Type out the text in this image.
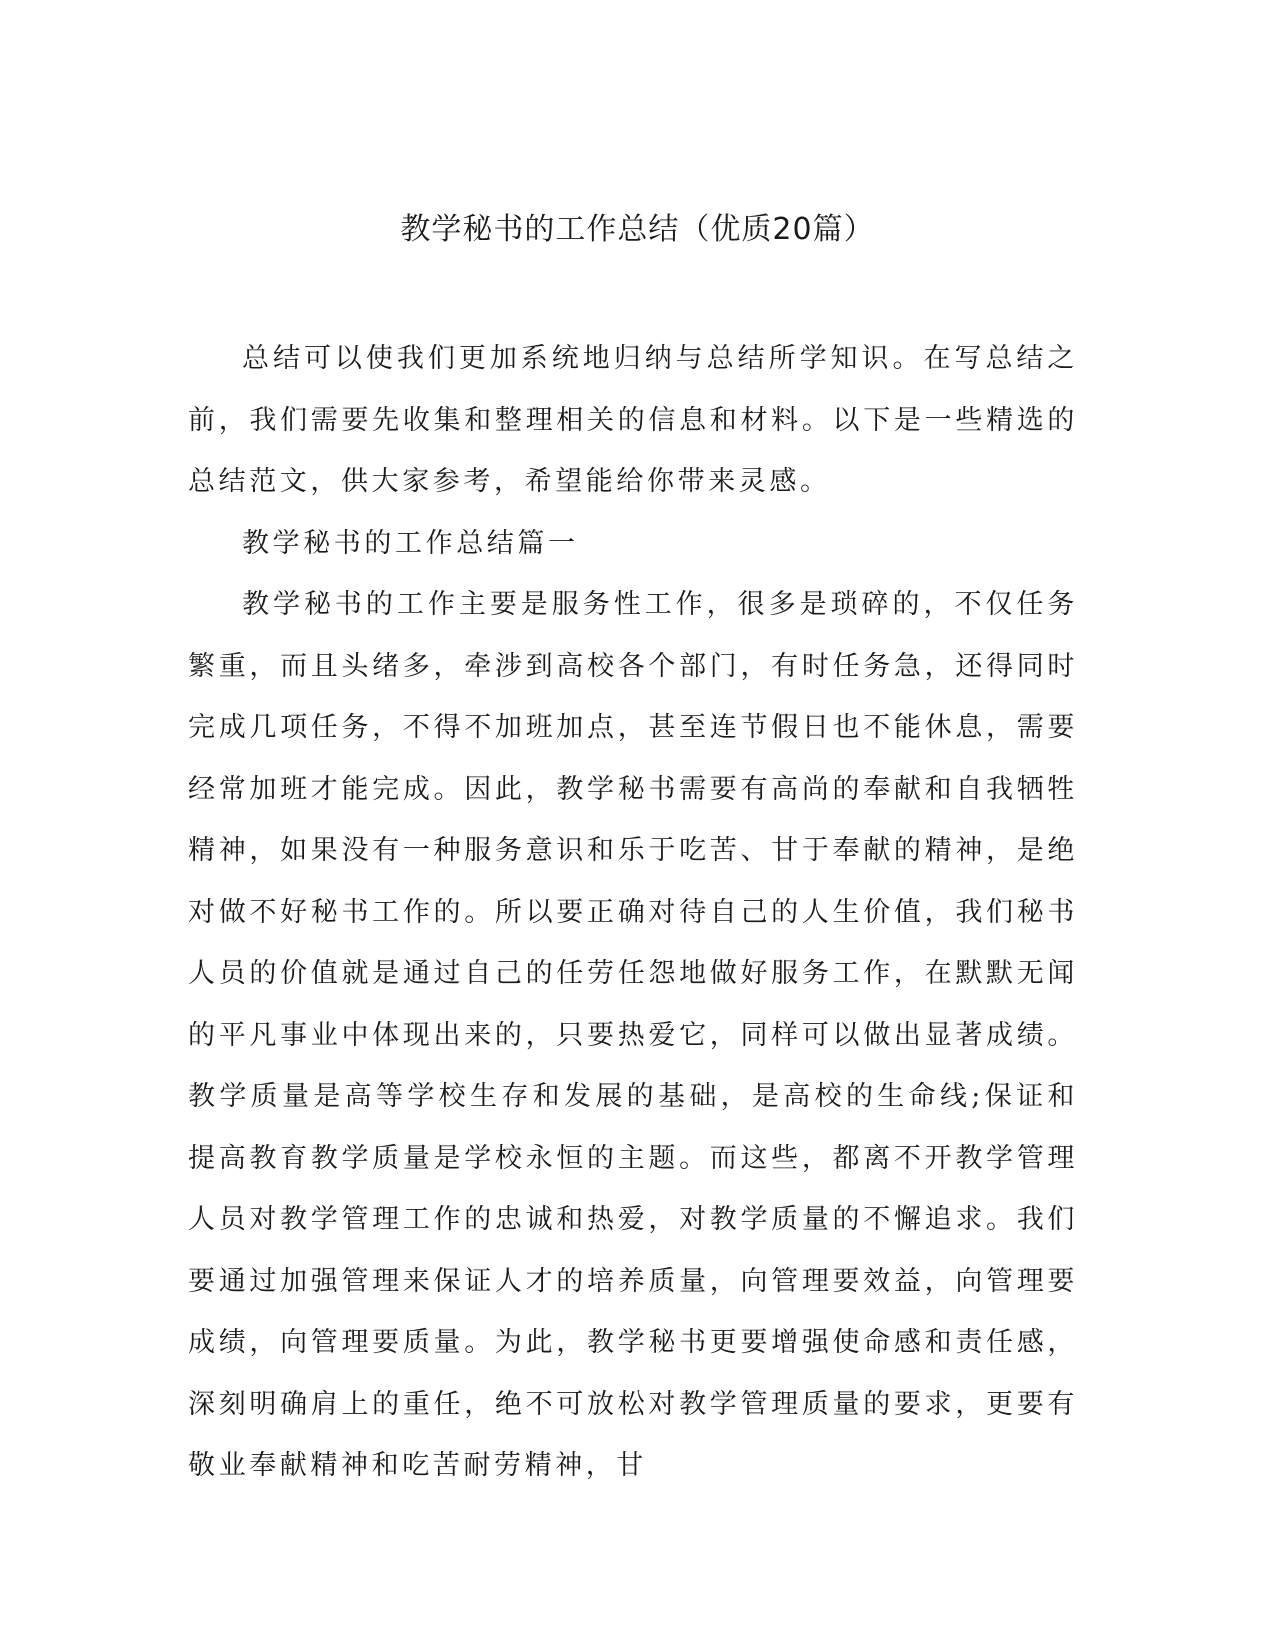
教学秘书的工作总结（优质20篇）

总结可以使我们更加系统地归纳与总结所学知识。在写总结之前，我们需要先收集和整理相关的信息和材料。以下是一些精选的总结范文，供大家参考，希望能给你带来灵感。

教学秘书的工作总结篇一

教学秘书的工作主要是服务性工作，很多是琐碎的，不仅任务繁重，而且头绪多，牵涉到高校各个部门，有时任务急，还得同时完成几项任务，不得不加班加点，甚至连节假日也不能休息，需要经常加班才能完成。因此，教学秘书需要有高尚的奉献和自我牺牲精神，如果没有一种服务意识和乐于吃苦、甘于奉献的精神，是绝对做不好秘书工作的。所以要正确对待自己的人生价值，我们秘书人员的价值就是通过自己的任劳任怨地做好服务工作，在默默无闻的平凡事业中体现出来的，只要热爱它，同样可以做出显著成绩。教学质量是高等学校生存和发展的基础，是高校的生命线;保证和提高教育教学质量是学校永恒的主题。而这些，都离不开教学管理人员对教学管理工作的忠诚和热爱，对教学质量的不懈追求。我们要通过加强管理来保证人才的培养质量，向管理要效益，向管理要成绩，向管理要质量。为此，教学秘书更要增强使命感和责任感，深刻明确肩上的重任，绝不可放松对教学管理质量的要求，更要有敬业奉献精神和吃苦耐劳精神，甘
